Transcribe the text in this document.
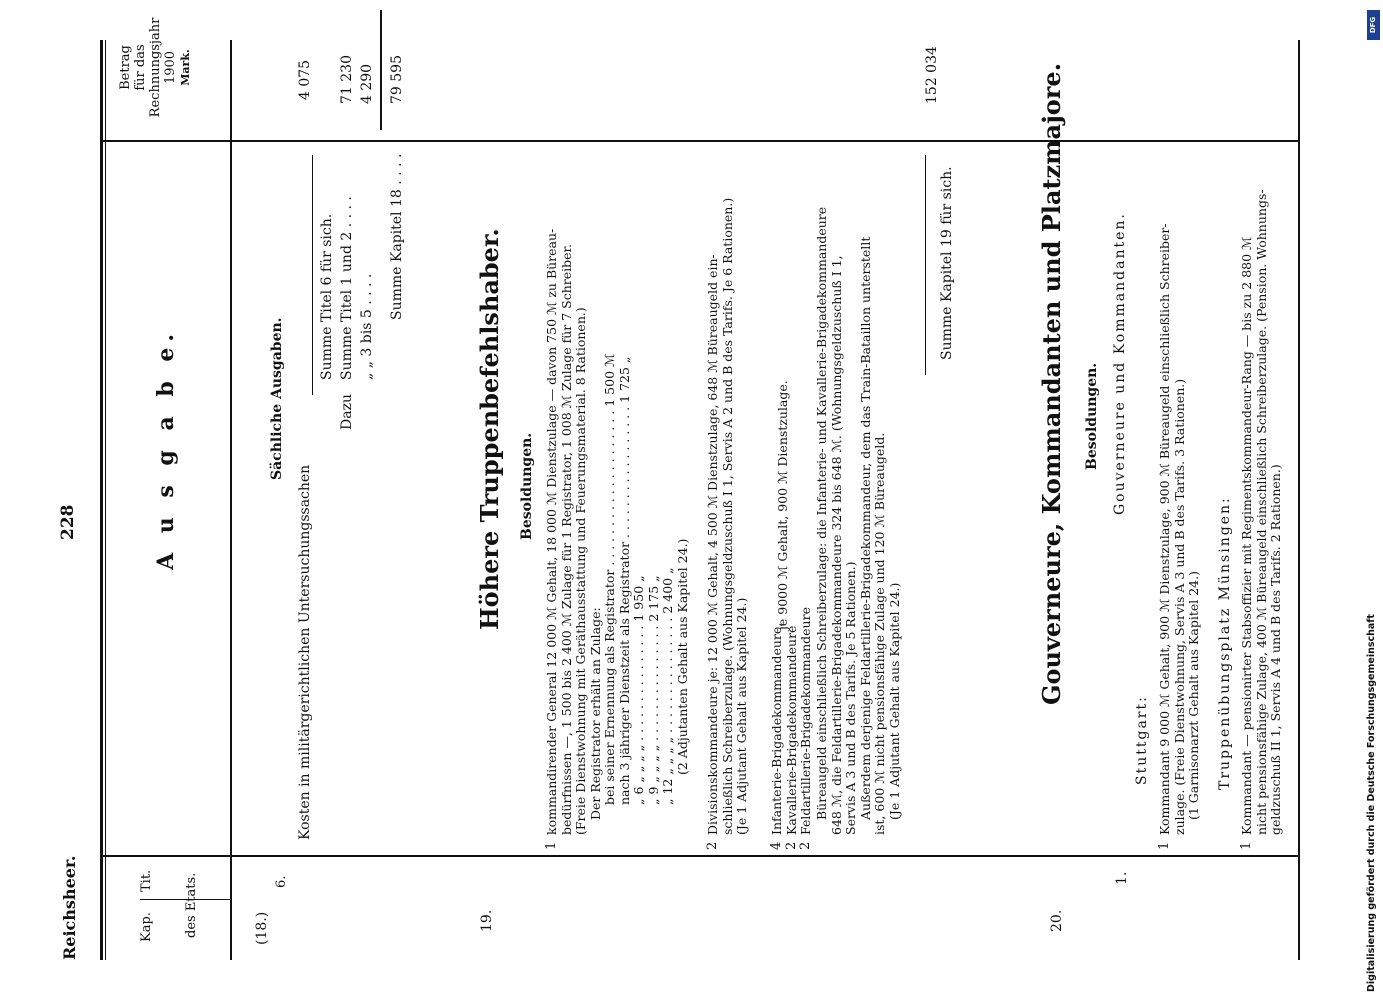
228
Reichsheer.	Kap.
Tit. des Etats.
A u s g a b e.
Betrag für das Rechnungsjahr 1900 Mark.
(18.)
6.
Sächliche Ausgaben.
Kosten in militärgerichtlichen Untersuchungssachen
4 075
Summe Titel 6 für sich.
Dazu
Summe Titel 1 und 2 . . . .
71 230
„ „ 3 bis 5 . . . .
4 290
Summe Kapitel 18 . . . .
79 595
19.
Höhere Truppenbefehlshaber. Besoldungen.
1
kommandirender General 12 000 ℳ Gehalt, 18 000 ℳ Dienstzulage — davon 750 ℳ zu Büreau- bedürfnissen —, 1 500 bis 2 400 ℳ Zulage für 1 Registrator, 1 008 ℳ Zulage für 7 Schreiber. (Freie Dienstwohnung mit Geräthausstattung und Feuerungsmaterial. 8 Rationen.) Der Registrator erhält an Zulage: bei seiner Ernennung als Registrator . . . . . . . . . . . . . . . . . . . . 1 500 ℳ nach 3 jähriger Dienstzeit als Registrator . . . . . . . . . . . . . . . . . 1 725 „ „ 6 „ „ „ „ . . . . . . . . . . . . . . . 1 950 „ „ 9 „ „ „ „ . . . . . . . . . . . . . . . 2 175 „ „ 12 „ „ „ „ . . . . . . . . . . . . . . . 2 400 „ (2 Adjutanten Gehalt aus Kapitel 24.)
2
Divisionskommandeure je: 12 000 ℳ Gehalt, 4 500 ℳ Dienstzulage, 648 ℳ Büreaugeld ein- schließlich Schreiberzulage. (Wohnungsgeldzuschuß I 1, Servis A 2 und B des Tarifs. Je 6 Rationen.) (Je 1 Adjutant Gehalt aus Kapitel 24.)
4 2 2
Infanterie-Brigadekommandeure, Kavallerie-Brigadekommandeure Feldartillerie-Brigadekommandeure
je 9000 ℳ Gehalt, 900 ℳ Dienstzulage. Büreaugeld einschließlich Schreiberzulage: die Infanterie- und Kavallerie-Brigadekommandeure 648 ℳ, die Feldartillerie-Brigadekommandeure 324 bis 648 ℳ. (Wohnungsgeldzuschuß I 1, Servis A 3 und B des Tarifs. Je 5 Rationen.) Außerdem derjenige Feldartillerie-Brigadekommandeur, dem das Train-Bataillon unterstellt ist, 600 ℳ nicht pensionsfähige Zulage und 120 ℳ Büreaugeld. (Je 1 Adjutant Gehalt aus Kapitel 24.)
Summe Kapitel 19 für sich.
152 034
20.
1.
Gouverneure, Kommandanten und Platzmajore. Besoldungen. Gouverneure und Kommandanten.
Stuttgart:
1
Kommandant 9 000 ℳ Gehalt, 900 ℳ Dienstzulage, 900 ℳ Büreaugeld einschließlich Schreiber- zulage. (Freie Dienstwohnung, Servis A 3 und B des Tarifs. 3 Rationen.) (1 Garnisonarzt Gehalt aus Kapitel 24.) Truppenübungsplatz Münsingen:
1
Kommandant — pensionirter Stabsoffizier mit Regimentskommandeur-Rang — bis zu 2 880 ℳ nicht pensionsfähige Zulage, 400 ℳ Büreaugeld einschließlich Schreiberzulage. (Pension. Wohnungs- geldzuschuß II 1, Servis A 4 und B des Tarifs. 2 Rationen.)
DFG
Digitalisierung gefördert durch die Deutsche Forschungsgemeinschaft
